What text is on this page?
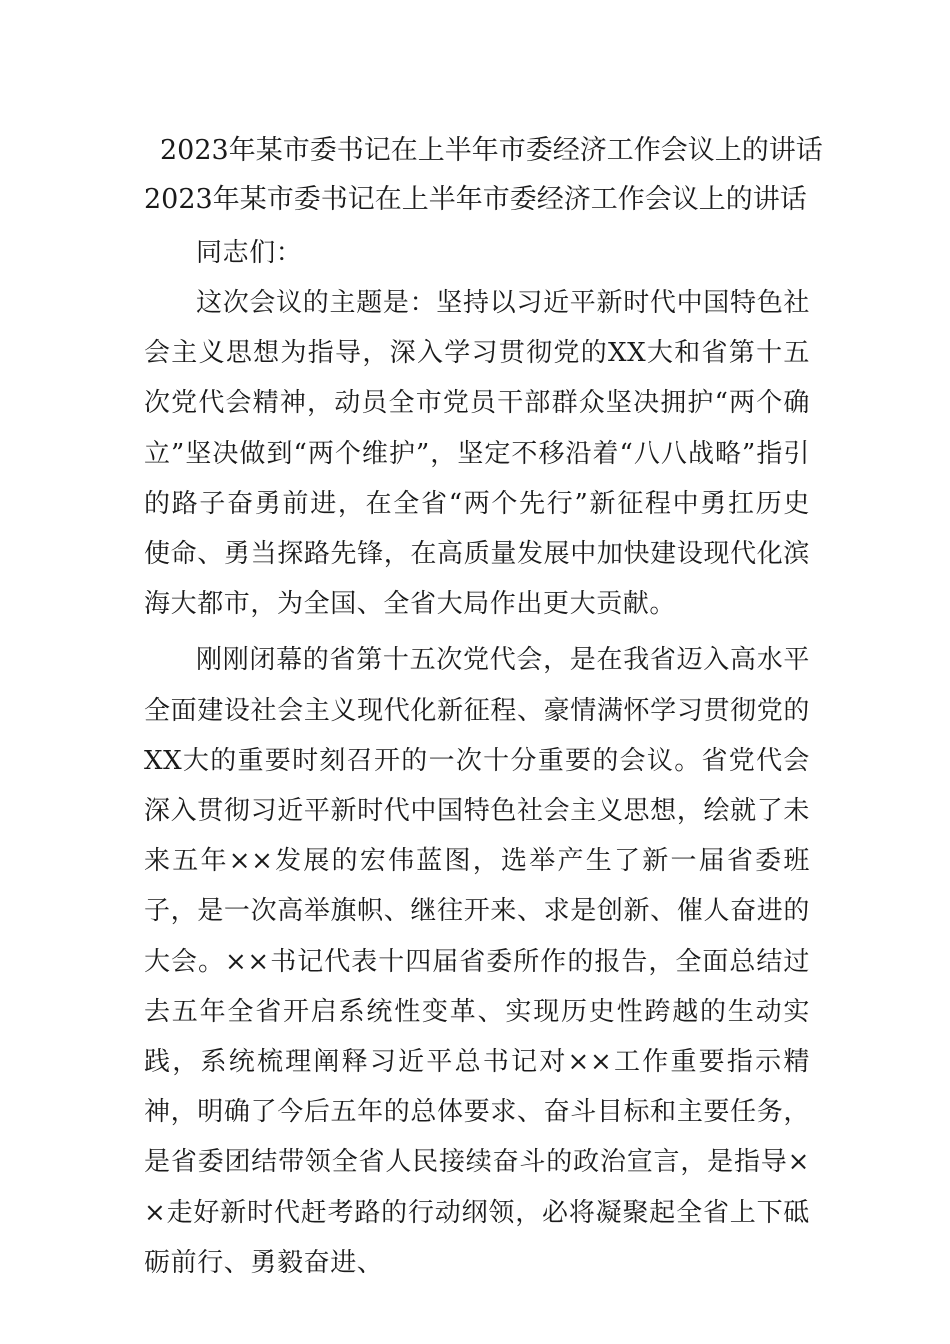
2023年某市委书记在上半年市委经济工作会议上的讲话
2023年某市委书记在上半年市委经济工作会议上的讲话

同志们：

这次会议的主题是：坚持以习近平新时代中国特色社会主义思想为指导，深入学习贯彻党的XX大和省第十五次党代会精神，动员全市党员干部群众坚决拥护“两个确立”坚决做到“两个维护”，坚定不移沿着“八八战略”指引的路子奋勇前进，在全省“两个先行”新征程中勇扛历史使命、勇当探路先锋，在高质量发展中加快建设现代化滨海大都市，为全国、全省大局作出更大贡献。

刚刚闭幕的省第十五次党代会，是在我省迈入高水平全面建设社会主义现代化新征程、豪情满怀学习贯彻党的XX大的重要时刻召开的一次十分重要的会议。省党代会深入贯彻习近平新时代中国特色社会主义思想，绘就了未来五年××发展的宏伟蓝图，选举产生了新一届省委班子，是一次高举旗帜、继往开来、求是创新、催人奋进的大会。××书记代表十四届省委所作的报告，全面总结过去五年全省开启系统性变革、实现历史性跨越的生动实践，系统梳理阐释习近平总书记对××工作重要指示精神，明确了今后五年的总体要求、奋斗目标和主要任务，是省委团结带领全省人民接续奋斗的政治宣言，是指导××走好新时代赶考路的行动纲领，必将凝聚起全省上下砥砺前行、勇毅奋进、
